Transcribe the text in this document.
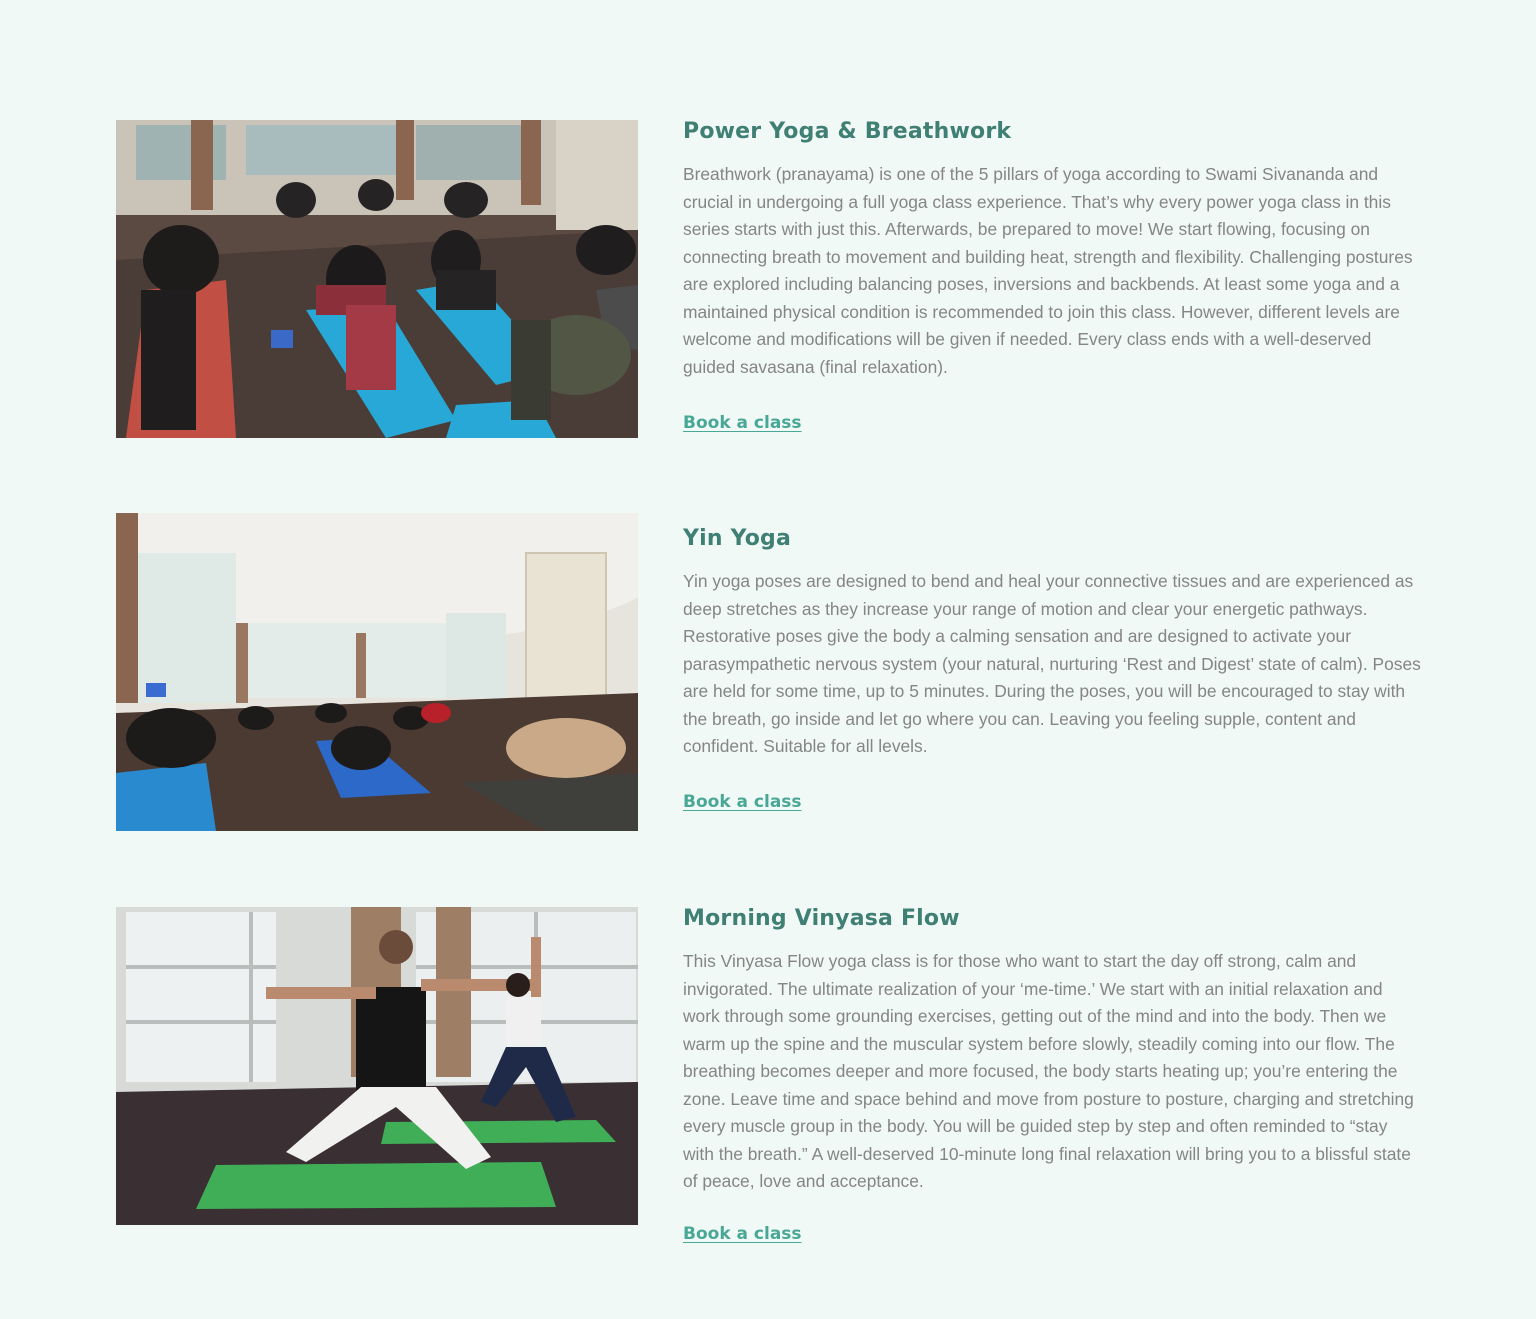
Power Yoga & Breathwork

Breathwork (pranayama) is one of the 5 pillars of yoga according to Swami Sivananda and crucial in undergoing a full yoga class experience. That’s why every power yoga class in this series starts with just this. Afterwards, be prepared to move! We start flowing, focusing on connecting breath to movement and building heat, strength and flexibility. Challenging postures are explored including balancing poses, inversions and backbends. At least some yoga and a maintained physical condition is recommended to join this class. However, different levels are welcome and modifications will be given if needed. Every class ends with a well-deserved guided savasana (final relaxation).

Book a class
Yin Yoga

Yin yoga poses are designed to bend and heal your connective tissues and are experienced as deep stretches as they increase your range of motion and clear your energetic pathways. Restorative poses give the body a calming sensation and are designed to activate your parasympathetic nervous system (your natural, nurturing ‘Rest and Digest’ state of calm). Poses are held for some time, up to 5 minutes. During the poses, you will be encouraged to stay with the breath, go inside and let go where you can. Leaving you feeling supple, content and confident. Suitable for all levels.

Book a class
Morning Vinyasa Flow

This Vinyasa Flow yoga class is for those who want to start the day off strong, calm and invigorated. The ultimate realization of your ‘me-time.’ We start with an initial relaxation and work through some grounding exercises, getting out of the mind and into the body. Then we warm up the spine and the muscular system before slowly, steadily coming into our flow. The breathing becomes deeper and more focused, the body starts heating up; you’re entering the zone. Leave time and space behind and move from posture to posture, charging and stretching every muscle group in the body. You will be guided step by step and often reminded to “stay with the breath.” A well-deserved 10-minute long final relaxation will bring you to a blissful state of peace, love and acceptance.

Book a class
